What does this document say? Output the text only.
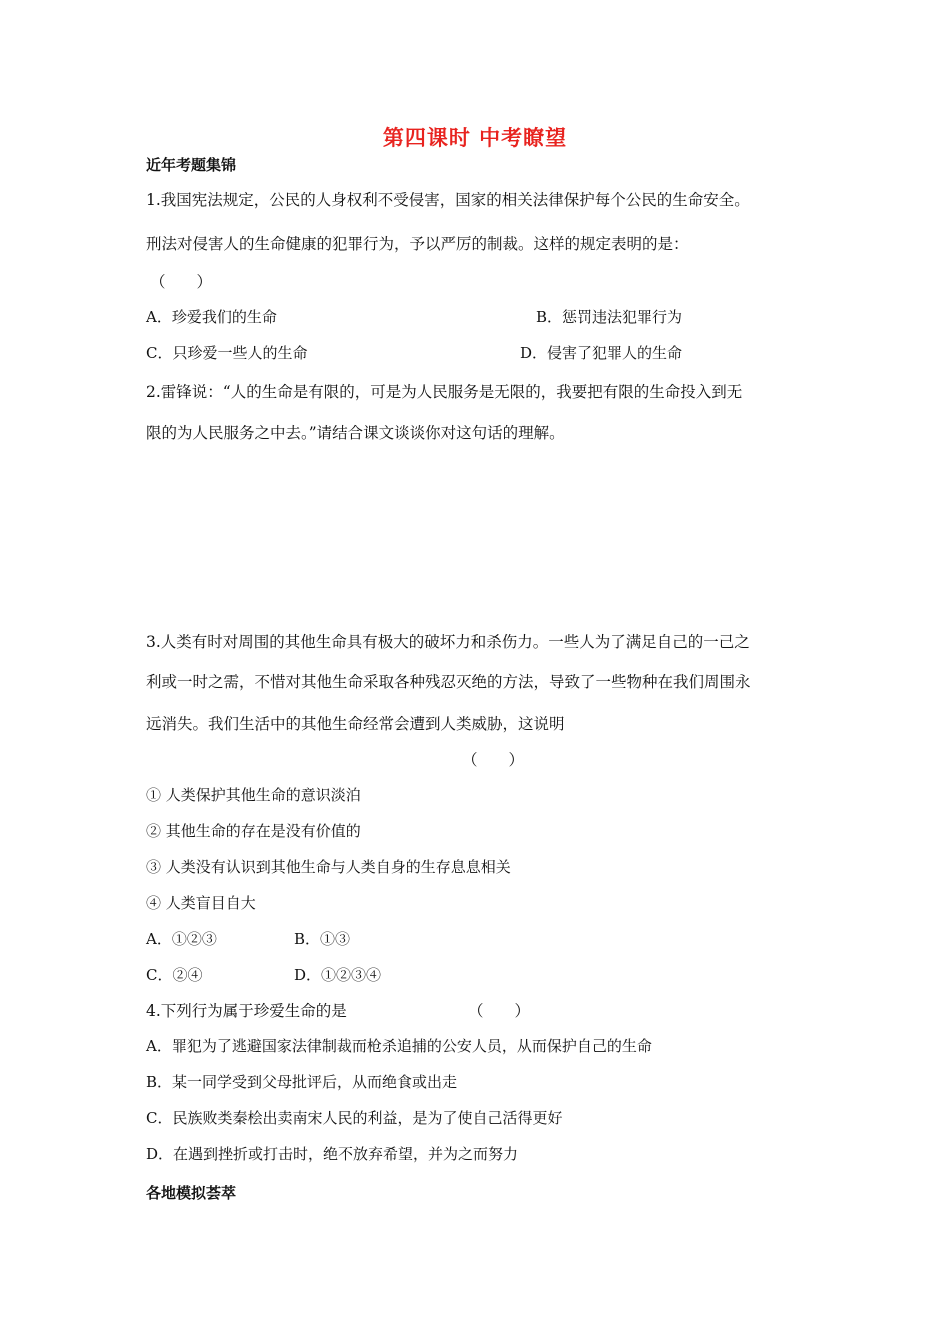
第四课时 中考瞭望
近年考题集锦
1.我国宪法规定，公民的人身权利不受侵害，国家的相关法律保护每个公民的生命安全。
刑法对侵害人的生命健康的犯罪行为，予以严厉的制裁。这样的规定表明的是：
（　　）
A．珍爱我们的生命	B．惩罚违法犯罪行为
C．只珍爱一些人的生命	D．侵害了犯罪人的生命
2.雷锋说：“人的生命是有限的，可是为人民服务是无限的，我要把有限的生命投入到无
限的为人民服务之中去。”请结合课文谈谈你对这句话的理解。
3.人类有时对周围的其他生命具有极大的破坏力和杀伤力。一些人为了满足自己的一己之
利或一时之需，不惜对其他生命采取各种残忍灭绝的方法，导致了一些物种在我们周围永
远消失。我们生活中的其他生命经常会遭到人类威胁，这说明
（　　）
① 人类保护其他生命的意识淡泊
② 其他生命的存在是没有价值的
③ 人类没有认识到其他生命与人类自身的生存息息相关
④ 人类盲目自大
A．①②③	B．①③
C．②④	D．①②③④
4.下列行为属于珍爱生命的是	（　　）
A．罪犯为了逃避国家法律制裁而枪杀追捕的公安人员，从而保护自己的生命
B．某一同学受到父母批评后，从而绝食或出走
C．民族败类秦桧出卖南宋人民的利益，是为了使自己活得更好
D．在遇到挫折或打击时，绝不放弃希望，并为之而努力
各地模拟荟萃
